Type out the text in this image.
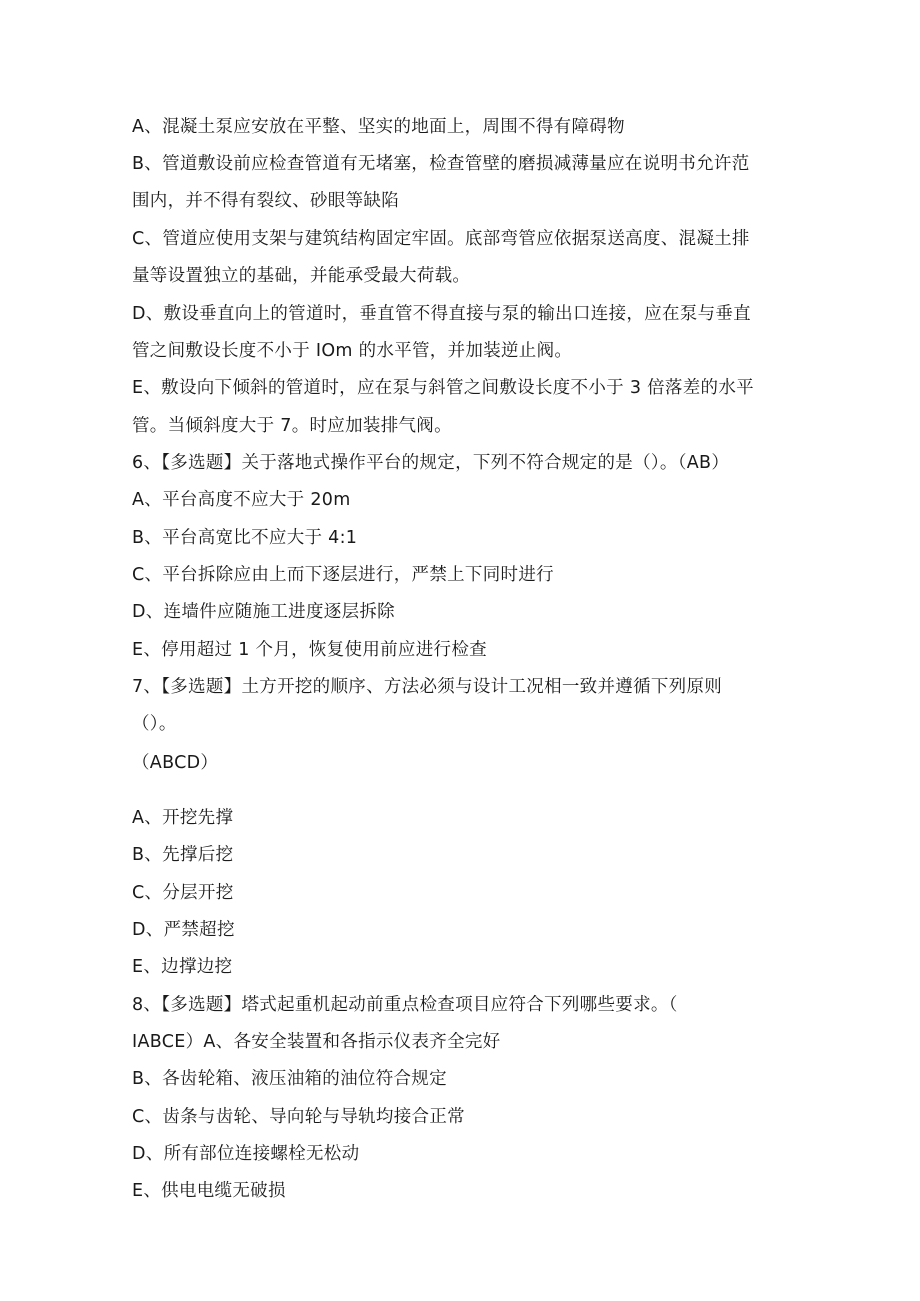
A、混凝土泵应安放在平整、坚实的地面上，周围不得有障碍物

B、管道敷设前应检查管道有无堵塞，检查管壁的磨损减薄量应在说明书允许范

围内，并不得有裂纹、砂眼等缺陷

C、管道应使用支架与建筑结构固定牢固。底部弯管应依据泵送高度、混凝土排

量等设置独立的基础，并能承受最大荷载。

D、敷设垂直向上的管道时，垂直管不得直接与泵的输出口连接，应在泵与垂直

管之间敷设长度不小于 IOm 的水平管，并加装逆止阀。

E、敷设向下倾斜的管道时，应在泵与斜管之间敷设长度不小于 3 倍落差的水平

管。当倾斜度大于 7。时应加装排气阀。

6、【多选题】关于落地式操作平台的规定，下列不符合规定的是（）。（AB）

A、平台高度不应大于 20m

B、平台高宽比不应大于 4:1

C、平台拆除应由上而下逐层进行，严禁上下同时进行

D、连墙件应随施工进度逐层拆除

E、停用超过 1 个月，恢复使用前应进行检查

7、【多选题】土方开挖的顺序、方法必须与设计工况相一致并遵循下列原则

（）。

（ABCD）

A、开挖先撑

B、先撑后挖

C、分层开挖

D、严禁超挖

E、边撑边挖

8、【多选题】塔式起重机起动前重点检查项目应符合下列哪些要求。（

IABCE）A、各安全装置和各指示仪表齐全完好

B、各齿轮箱、液压油箱的油位符合规定

C、齿条与齿轮、导向轮与导轨均接合正常

D、所有部位连接螺栓无松动

E、供电电缆无破损
